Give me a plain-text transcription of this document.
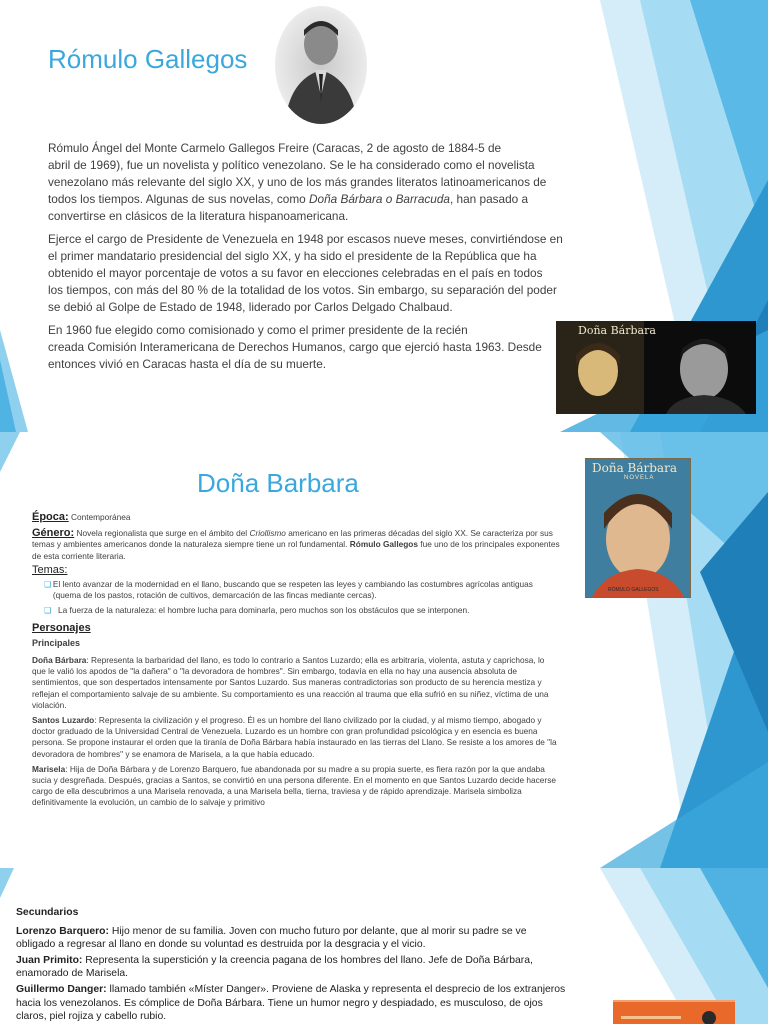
Rómulo Gallegos

Rómulo Ángel del Monte Carmelo Gallegos Freire (Caracas, 2 de agosto de 1884-5 de
abril de 1969), fue un novelista y político venezolano. Se le ha considerado como el novelista
venezolano más relevante del siglo XX, y uno de los más grandes literatos latinoamericanos de
todos los tiempos. Algunas de sus novelas, como Doña Bárbara o Barracuda, han pasado a
convertirse en clásicos de la literatura hispanoamericana.

Ejerce el cargo de Presidente de Venezuela en 1948 por escasos nueve meses, convirtiéndose en
el primer mandatario presidencial del siglo XX, y ha sido el presidente de la República que ha
obtenido el mayor porcentaje de votos a su favor en elecciones celebradas en el país en todos
los tiempos, con más del 80 % de la totalidad de los votos. Sin embargo, su separación del poder
se debió al Golpe de Estado de 1948, liderado por Carlos Delgado Chalbaud.

En 1960 fue elegido como comisionado y como el primer presidente de la recién
creada Comisión Interamericana de Derechos Humanos, cargo que ejerció hasta 1963. Desde
entonces vivió en Caracas hasta el día de su muerte.

Doña Bárbara
Doña Barbara	Doña Bárbara
NOVELA
RÓMULO GALLEGOS

Época: Contemporánea

Género: Novela regionalista que surge en el ámbito del Criollismo americano en las primeras décadas del siglo XX. Se caracteriza por sus temas y ambientes americanos donde la naturaleza siempre tiene un rol fundamental. Rómulo Gallegos fue uno de los principales exponentes de esta corriente literaria.

Temas:

❑ El lento avanzar de la modernidad en el llano, buscando que se respeten las leyes y cambiando las costumbres agrícolas antiguas (quema de los pastos, rotación de cultivos, demarcación de las fincas mediante cercas).
❑ La fuerza de la naturaleza: el hombre lucha para dominarla, pero muchos son los obstáculos que se interponen.

Personajes

Principales

Doña Bárbara: Representa la barbaridad del llano, es todo lo contrario a Santos Luzardo; ella es arbitraria, violenta, astuta y caprichosa, lo que le valió los apodos de "la dañera" o "la devoradora de hombres". Sin embargo, todavía en ella no hay una ausencia absoluta de sentimientos, que son despertados intensamente por Santos Luzardo. Sus maneras contradictorias son producto de su herencia mestiza y reflejan el comportamiento salvaje de su ambiente. Su comportamiento es una reacción al trauma que ella sufrió en su niñez, víctima de una violación.

Santos Luzardo: Representa la civilización y el progreso. Él es un hombre del llano civilizado por la ciudad, y al mismo tiempo, abogado y doctor graduado de la Universidad Central de Venezuela. Luzardo es un hombre con gran profundidad psicológica y en esencia es buena persona. Se propone instaurar el orden que la tiranía de Doña Bárbara había instaurado en las tierras del Llano. Se resiste a los amores de "la devoradora de hombres" y se enamora de Marisela, a la que había educado.

Marisela: Hija de Doña Bárbara y de Lorenzo Barquero, fue abandonada por su madre a su propia suerte, es fiera razón por la que andaba sucia y desgreñada. Después, gracias a Santos, se convirtió en una persona diferente. En el momento en que Santos Luzardo decide hacerse cargo de ella descubrimos a una Marisela renovada, a una Marisela bella, tierna, traviesa y de rápido aprendizaje. Marisela simboliza definitivamente la evolución, un cambio de lo salvaje y primitivo

Secundarios

Lorenzo Barquero: Hijo menor de su familia. Joven con mucho futuro por delante, que al morir su padre se ve
obligado a regresar al llano en donde su voluntad es destruida por la desgracia y el vicio.

Juan Primito: Representa la superstición y la creencia pagana de los hombres del llano. Jefe de Doña Bárbara,
enamorado de Marisela.

Guillermo Danger: llamado también «Míster Danger». Proviene de Alaska y representa el desprecio de los extranjeros
hacia los venezolanos. Es cómplice de Doña Bárbara. Tiene un humor negro y despiadado, es musculoso, de ojos
claros, piel rojiza y cabello rubio.
